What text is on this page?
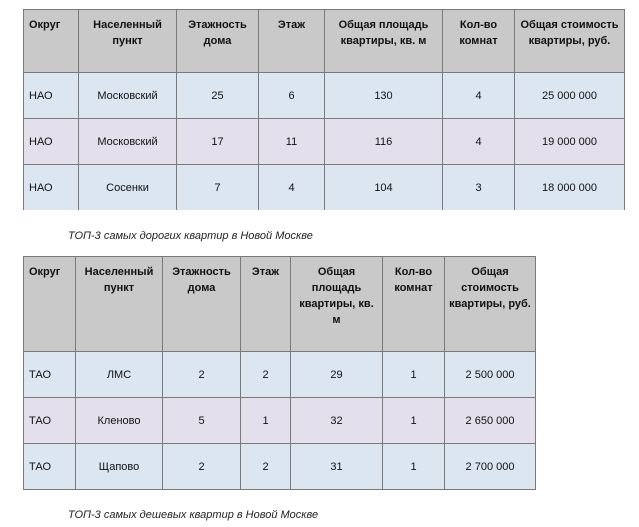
Округ	Населенный пункт	Этажность дома	Этаж	Общая площадь квартиры, кв. м	Кол-во комнат	Общая стоимость квартиры, руб.
НАО	Московский	25	6	130	4	25 000 000
НАО	Московский	17	11	116	4	19 000 000
НАО	Сосенки	7	4	104	3	18 000 000
ТОП-3 самых дорогих квартир в Новой Москве
Округ	Населенный пункт	Этажность дома	Этаж	Общая площадь квартиры, кв. м	Кол-во комнат	Общая стоимость квартиры, руб.
ТАО	ЛМС	2	2	29	1	2 500 000
ТАО	Кленово	5	1	32	1	2 650 000
ТАО	Щапово	2	2	31	1	2 700 000
ТОП-3 самых дешевых квартир в Новой Москве
